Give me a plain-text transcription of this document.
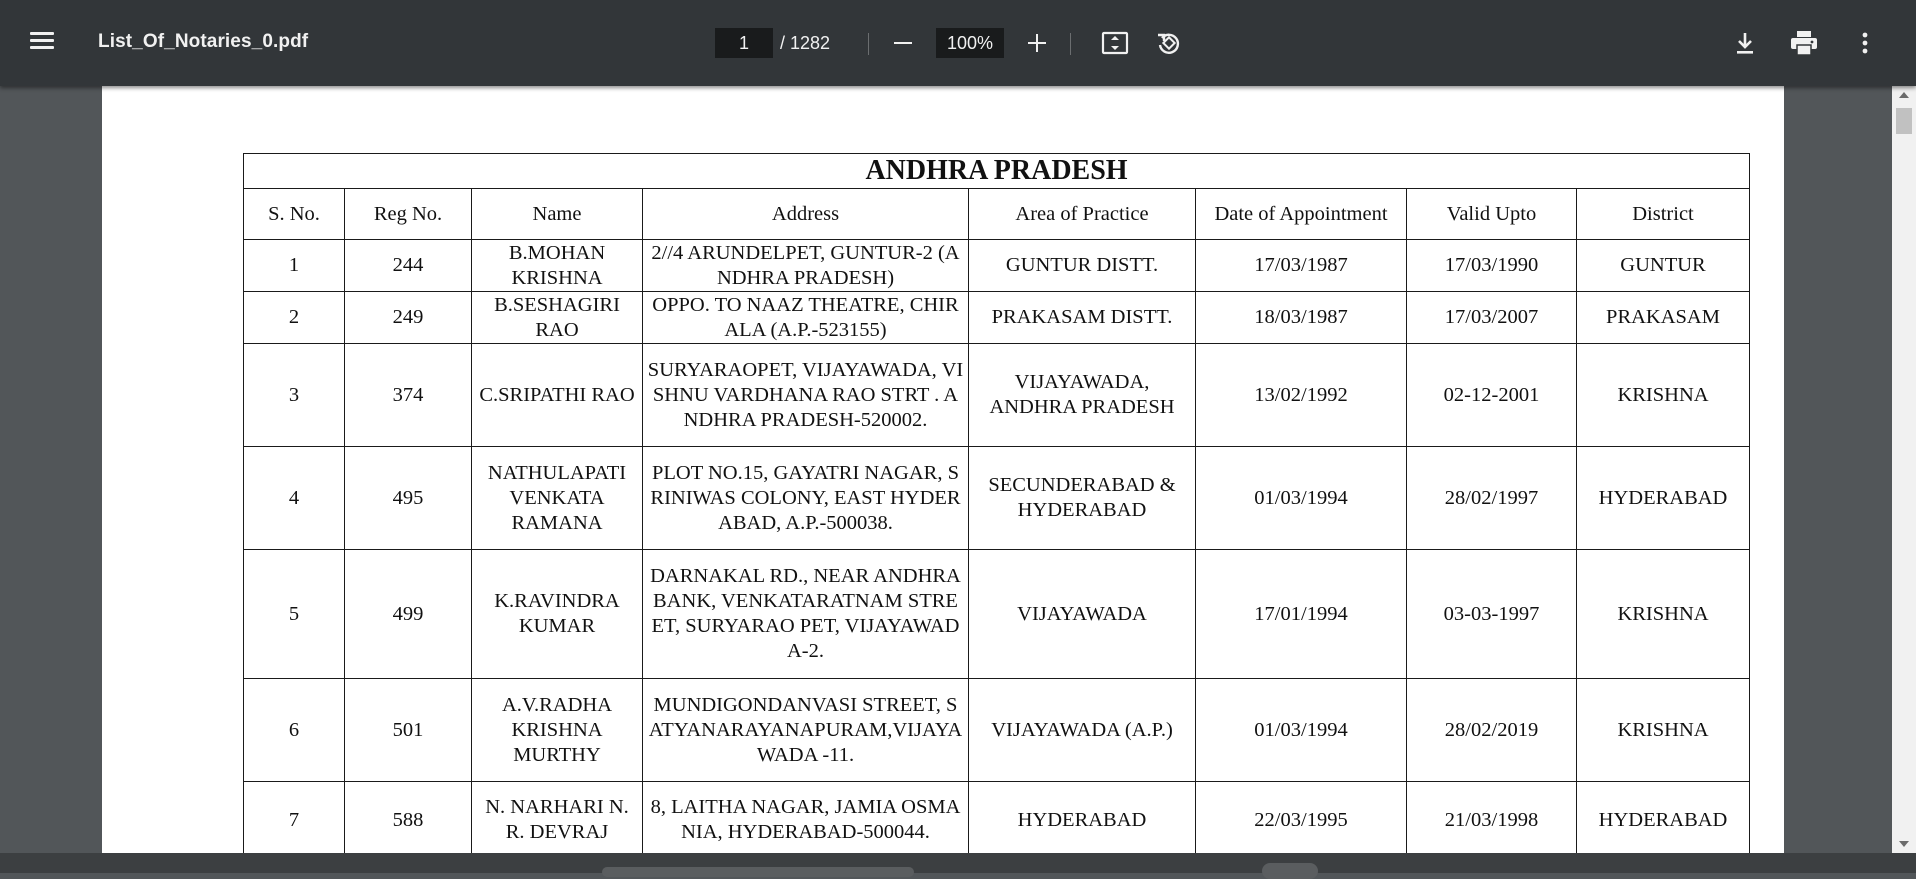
List_Of_Notaries_0.pdf
1	/ 1282
100%
ANDHRA PRADESH							
S. No.	Reg No.	Name	Address	Area of Practice	Date of Appointment	Valid Upto	District
1	244	B.MOHAN KRISHNA	2//4 ARUNDELPET, GUNTUR-2 (ANDHRA PRADESH)	GUNTUR DISTT.	17/03/1987	17/03/1990	GUNTUR
2	249	B.SESHAGIRI RAO	OPPO. TO NAAZ THEATRE, CHIRALA (A.P.-523155)	PRAKASAM DISTT.	18/03/1987	17/03/2007	PRAKASAM
3	374	C.SRIPATHI RAO	SURYARAOPET, VIJAYAWADA, VISHNU VARDHANA RAO STRT . ANDHRA PRADESH-520002.	VIJAYAWADA, ANDHRA PRADESH	13/02/1992	02-12-2001	KRISHNA
4	495	NATHULAPATI VENKATA RAMANA	PLOT NO.15, GAYATRI NAGAR, SRINIWAS COLONY, EAST HYDERABAD, A.P.-500038.	SECUNDERABAD & HYDERABAD	01/03/1994	28/02/1997	HYDERABAD
5	499	K.RAVINDRA KUMAR	DARNAKAL RD., NEAR ANDHRA BANK, VENKATARATNAM STREET, SURYARAO PET, VIJAYAWADA-2.	VIJAYAWADA	17/01/1994	03-03-1997	KRISHNA
6	501	A.V.RADHA KRISHNA MURTHY	MUNDIGONDANVASI STREET, SATYANARAYANAPURAM,VIJAYAWADA -11.	VIJAYAWADA (A.P.)	01/03/1994	28/02/2019	KRISHNA
7	588	N. NARHARI N. R. DEVRAJ	8, LAITHA NAGAR, JAMIA OSMANIA, HYDERABAD-500044.	HYDERABAD	22/03/1995	21/03/1998	HYDERABAD
